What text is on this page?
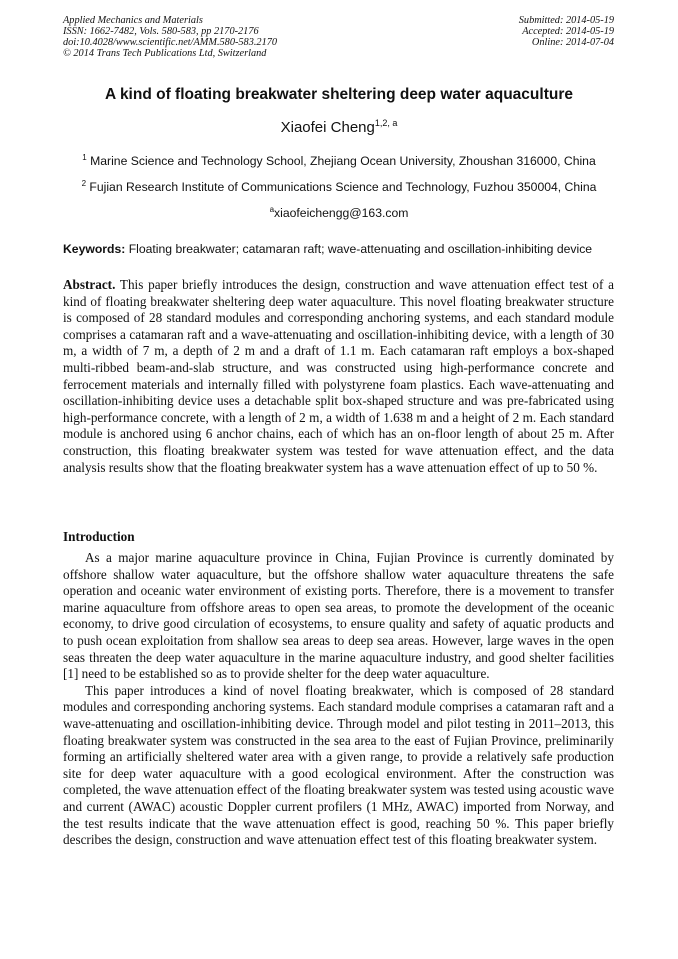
Applied Mechanics and Materials
ISSN: 1662-7482, Vols. 580-583, pp 2170-2176
doi:10.4028/www.scientific.net/AMM.580-583.2170
© 2014 Trans Tech Publications Ltd, Switzerland
Submitted: 2014-05-19
Accepted: 2014-05-19
Online: 2014-07-04
A kind of floating breakwater sheltering deep water aquaculture
Xiaofei Cheng$^{1,2, a}$
$^1$ Marine Science and Technology School, Zhejiang Ocean University, Zhoushan 316000, China
$^2$ Fujian Research Institute of Communications Science and Technology, Fuzhou 350004, China
$^a$xiaofeichengg@163.com
Keywords: Floating breakwater; catamaran raft; wave-attenuating and oscillation-inhibiting device

Abstract. This paper briefly introduces the design, construction and wave attenuation effect test of a kind of floating breakwater sheltering deep water aquaculture. This novel floating breakwater structure is composed of 28 standard modules and corresponding anchoring systems, and each standard module comprises a catamaran raft and a wave-attenuating and oscillation-inhibiting device, with a length of 30 m, a width of 7 m, a depth of 2 m and a draft of 1.1 m. Each catamaran raft employs a box-shaped multi-ribbed beam-and-slab structure, and was constructed using high-performance concrete and ferrocement materials and internally filled with polystyrene foam plastics. Each wave-attenuating and oscillation-inhibiting device uses a detachable split box-shaped structure and was pre-fabricated using high-performance concrete, with a length of 2 m, a width of 1.638 m and a height of 2 m. Each standard module is anchored using 6 anchor chains, each of which has an on-floor length of about 25 m. After construction, this floating breakwater system was tested for wave attenuation effect, and the data analysis results show that the floating breakwater system has a wave attenuation effect of up to 50 %.

Introduction

As a major marine aquaculture province in China, Fujian Province is currently dominated by offshore shallow water aquaculture, but the offshore shallow water aquaculture threatens the safe operation and oceanic water environment of existing ports. Therefore, there is a movement to transfer marine aquaculture from offshore areas to open sea areas, to promote the development of the oceanic economy, to drive good circulation of ecosystems, to ensure quality and safety of aquatic products and to push ocean exploitation from shallow sea areas to deep sea areas. However, large waves in the open seas threaten the deep water aquaculture in the marine aquaculture industry, and good shelter facilities [1] need to be established so as to provide shelter for the deep water aquaculture.

This paper introduces a kind of novel floating breakwater, which is composed of 28 standard modules and corresponding anchoring systems. Each standard module comprises a catamaran raft and a wave-attenuating and oscillation-inhibiting device. Through model and pilot testing in 2011–2013, this floating breakwater system was constructed in the sea area to the east of Fujian Province, preliminarily forming an artificially sheltered water area with a given range, to provide a relatively safe production site for deep water aquaculture with a good ecological environment. After the construction was completed, the wave attenuation effect of the floating breakwater system was tested using acoustic wave and current (AWAC) acoustic Doppler current profilers (1 MHz, AWAC) imported from Norway, and the test results indicate that the wave attenuation effect is good, reaching 50 %. This paper briefly describes the design, construction and wave attenuation effect test of this floating breakwater system.
